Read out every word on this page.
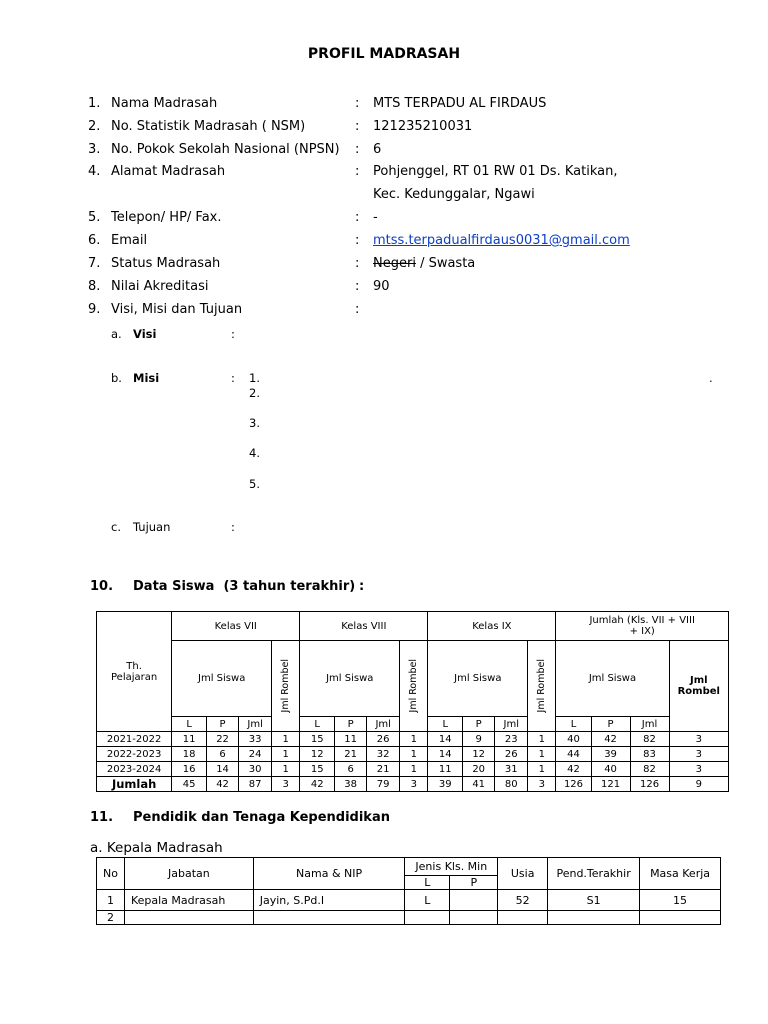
PROFIL MADRASAH
1. Nama Madrasah	: MTS TERPADU AL FIRDAUS
2. No. Statistik Madrasah ( NSM)	: 121235210031
3. No. Pokok Sekolah Nasional (NPSN) : 6
4. Alamat Madrasah	: Pohjenggel, RT 01 RW 01 Ds. Katikan,
Kec. Kedunggalar, Ngawi
5. Telepon/ HP/ Fax.	: -
6. Email	: mtss.terpadualfirdaus0031@gmail.com
7. Status Madrasah	: Negeri / Swasta
8. Nilai Akreditasi	: 90
9. Visi, Misi dan Tujuan	:
a. Visi	:
b. Misi	: 1.	.
2.
3.
4.
5.
c. Tujuan	:
10. Data Siswa  (3 tahun terakhir) :
Th. Pelajaran	Kelas VII				Kelas VIII				Kelas IX				Jumlah (Kls. VII + VIII + IX)			
	Jml Siswa			Jml Rombel	Jml Siswa			Jml Rombel	Jml Siswa			Jml Rombel	Jml Siswa			Jml Rombel
	L	P	Jml		L	P	Jml		L	P	Jml		L	P	Jml	
2021-2022	11	22	33	1	15	11	26	1	14	9	23	1	40	42	82	3
2022-2023	18	6	24	1	12	21	32	1	14	12	26	1	44	39	83	3
2023-2024	16	14	30	1	15	6	21	1	11	20	31	1	42	40	82	3
Jumlah	45	42	87	3	42	38	79	3	39	41	80	3	126	121	126	9
11. Pendidik dan Tenaga Kependidikan
a. Kepala Madrasah
No	Jabatan	Nama & NIP	Jenis Kls. Min		Usia	Pend.Terakhir	Masa Kerja
			L	P			
1	Kepala Madrasah	Jayin, S.Pd.I	L		52	S1	15
2							
